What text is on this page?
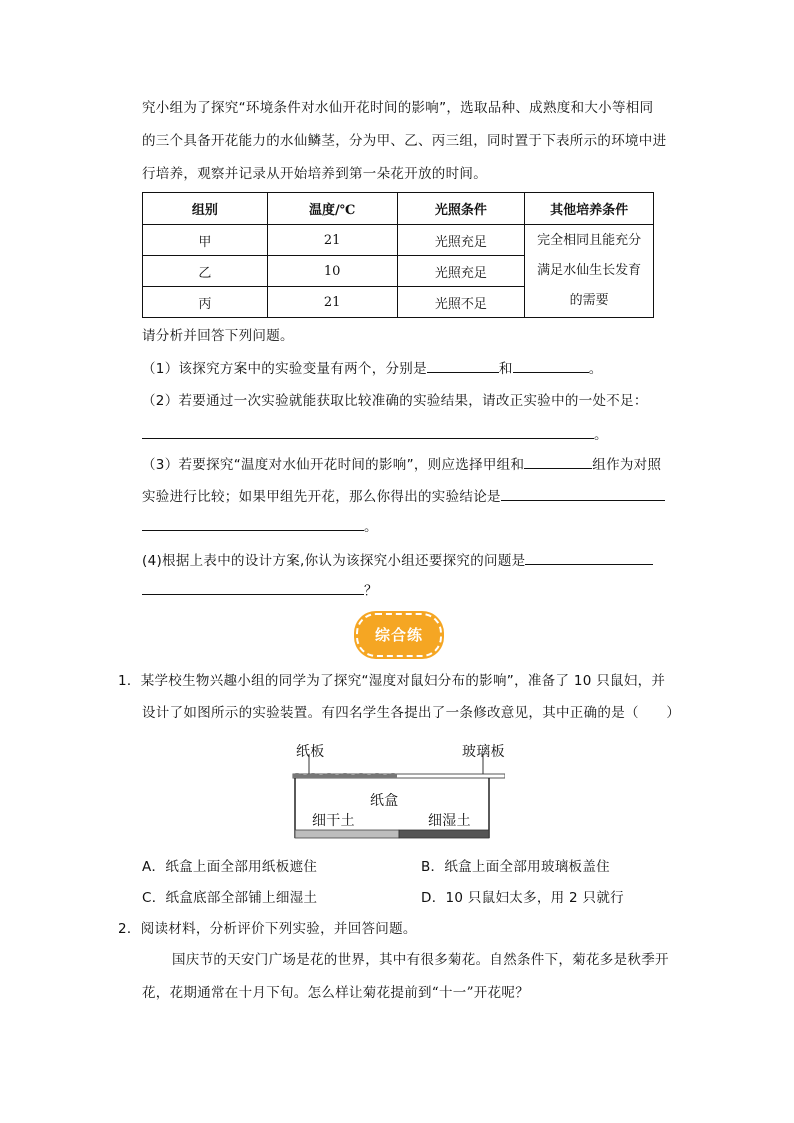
究小组为了探究“环境条件对水仙开花时间的影响”，选取品种、成熟度和大小等相同
的三个具备开花能力的水仙鳞茎，分为甲、乙、丙三组，同时置于下表所示的环境中进
行培养，观察并记录从开始培养到第一朵花开放的时间。
组别	温度/℃	光照条件	其他培养条件
甲	21	光照充足	完全相同且能充分
满足水仙生长发育
的需要

乙	10	光照充足	
丙	21	光照不足	
请分析并回答下列问题。
（1）该探究方案中的实验变量有两个，分别是	和	。
（2）若要通过一次实验就能获取比较准确的实验结果，请改正实验中的一处不足：
。
（3）若要探究“温度对水仙开花时间的影响”，则应选择甲组和	组作为对照
实验进行比较；如果甲组先开花，那么你得出的实验结论是
。
(4)根据上表中的设计方案,你认为该探究小组还要探究的问题是
？
综合练
1．某学校生物兴趣小组的同学为了探究“湿度对鼠妇分布的影响”，准备了 10 只鼠妇，并
设计了如图所示的实验装置。有四名学生各提出了一条修改意见，其中正确的是（　　）
纸板	玻璃板
纸盒
细干土	细湿土
A．纸盒上面全部用纸板遮住	B．纸盒上面全部用玻璃板盖住
C．纸盒底部全部铺上细湿土	D．10 只鼠妇太多，用 2 只就行
2．阅读材料，分析评价下列实验，并回答问题。
国庆节的天安门广场是花的世界，其中有很多菊花。自然条件下，菊花多是秋季开
花，花期通常在十月下旬。怎么样让菊花提前到“十一”开花呢？
